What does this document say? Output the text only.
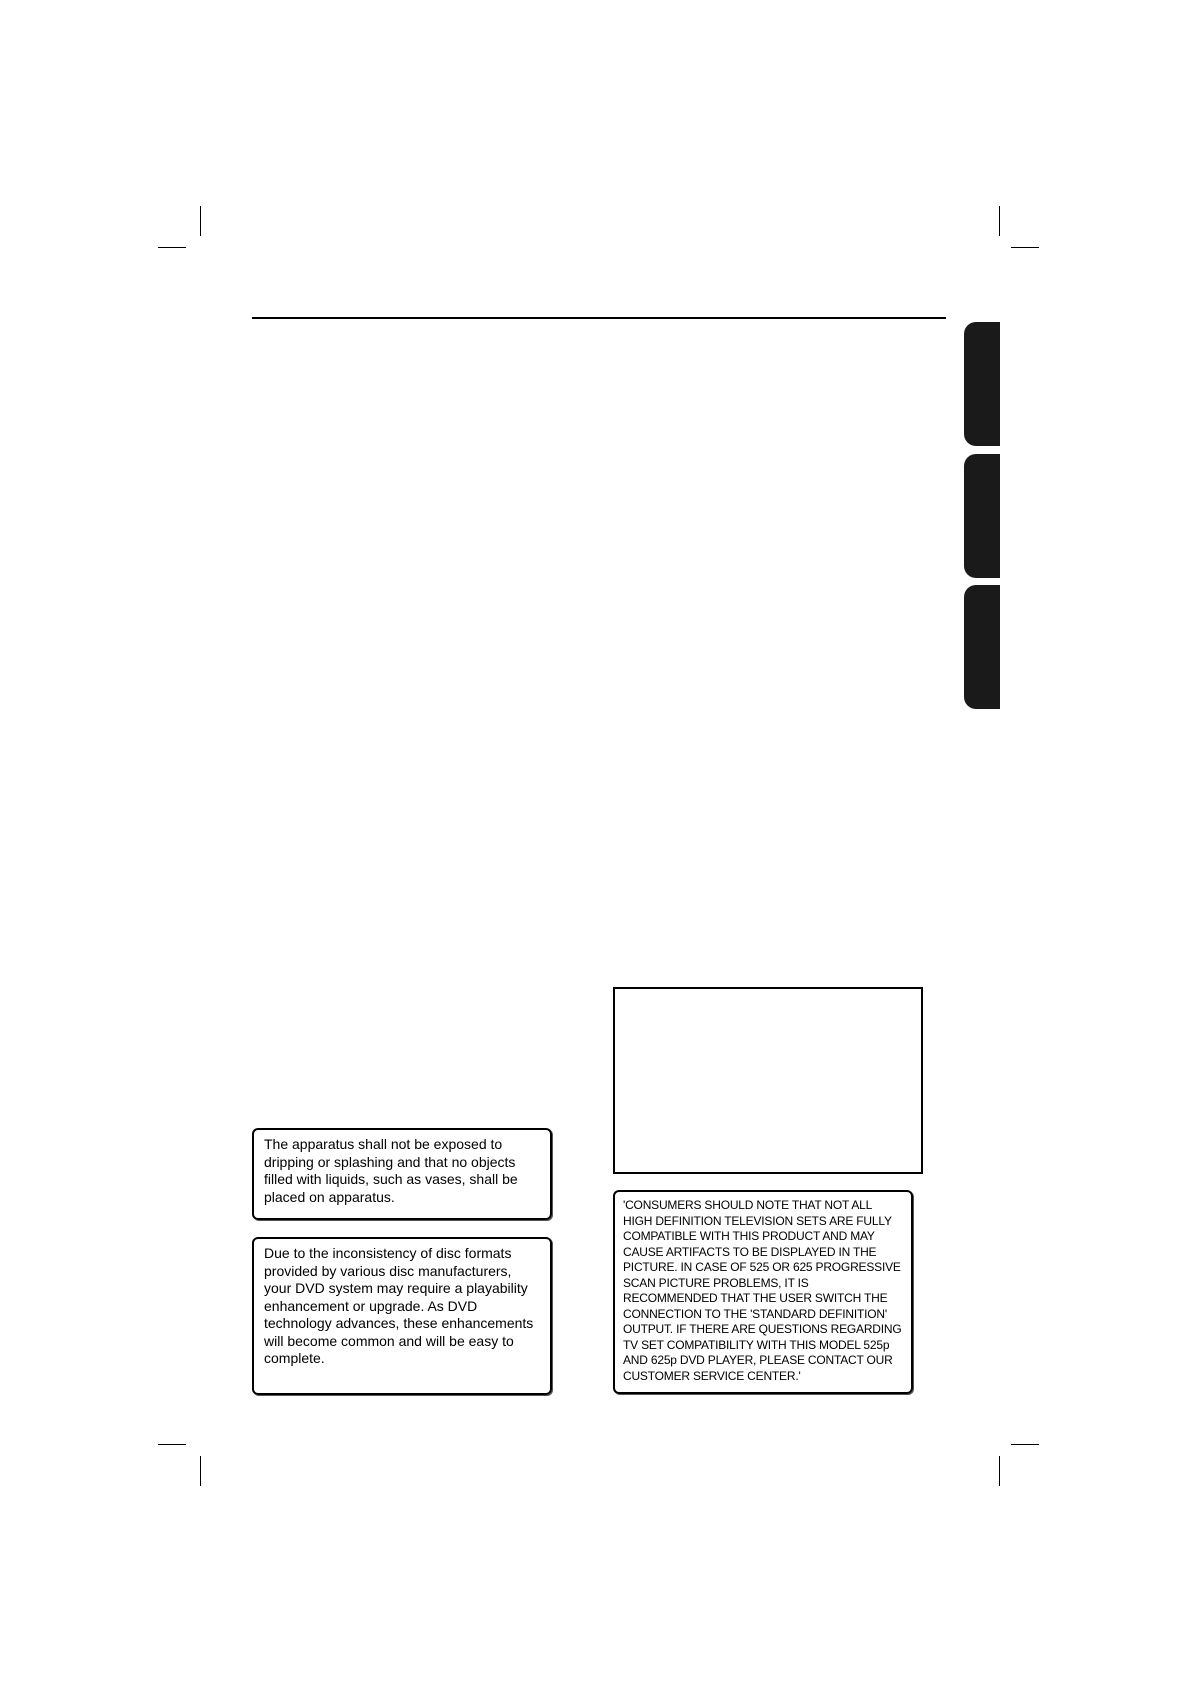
The apparatus shall not be exposed to dripping or splashing and that no objects filled with liquids, such as vases, shall be placed on apparatus.
Due to the inconsistency of disc formats provided by various disc manufacturers, your DVD system may require a playability enhancement or upgrade. As DVD technology advances, these enhancements will become common and will be easy to complete.
'CONSUMERS SHOULD NOTE THAT NOT ALL HIGH DEFINITION TELEVISION SETS ARE FULLY COMPATIBLE WITH THIS PRODUCT AND MAY CAUSE ARTIFACTS TO BE DISPLAYED IN THE PICTURE. IN CASE OF 525 OR 625 PROGRESSIVE SCAN PICTURE PROBLEMS, IT IS RECOMMENDED THAT THE USER SWITCH THE CONNECTION TO THE 'STANDARD DEFINITION' OUTPUT. IF THERE ARE QUESTIONS REGARDING TV SET COMPATIBILITY WITH THIS MODEL 525p AND 625p DVD PLAYER, PLEASE CONTACT OUR CUSTOMER SERVICE CENTER.'
